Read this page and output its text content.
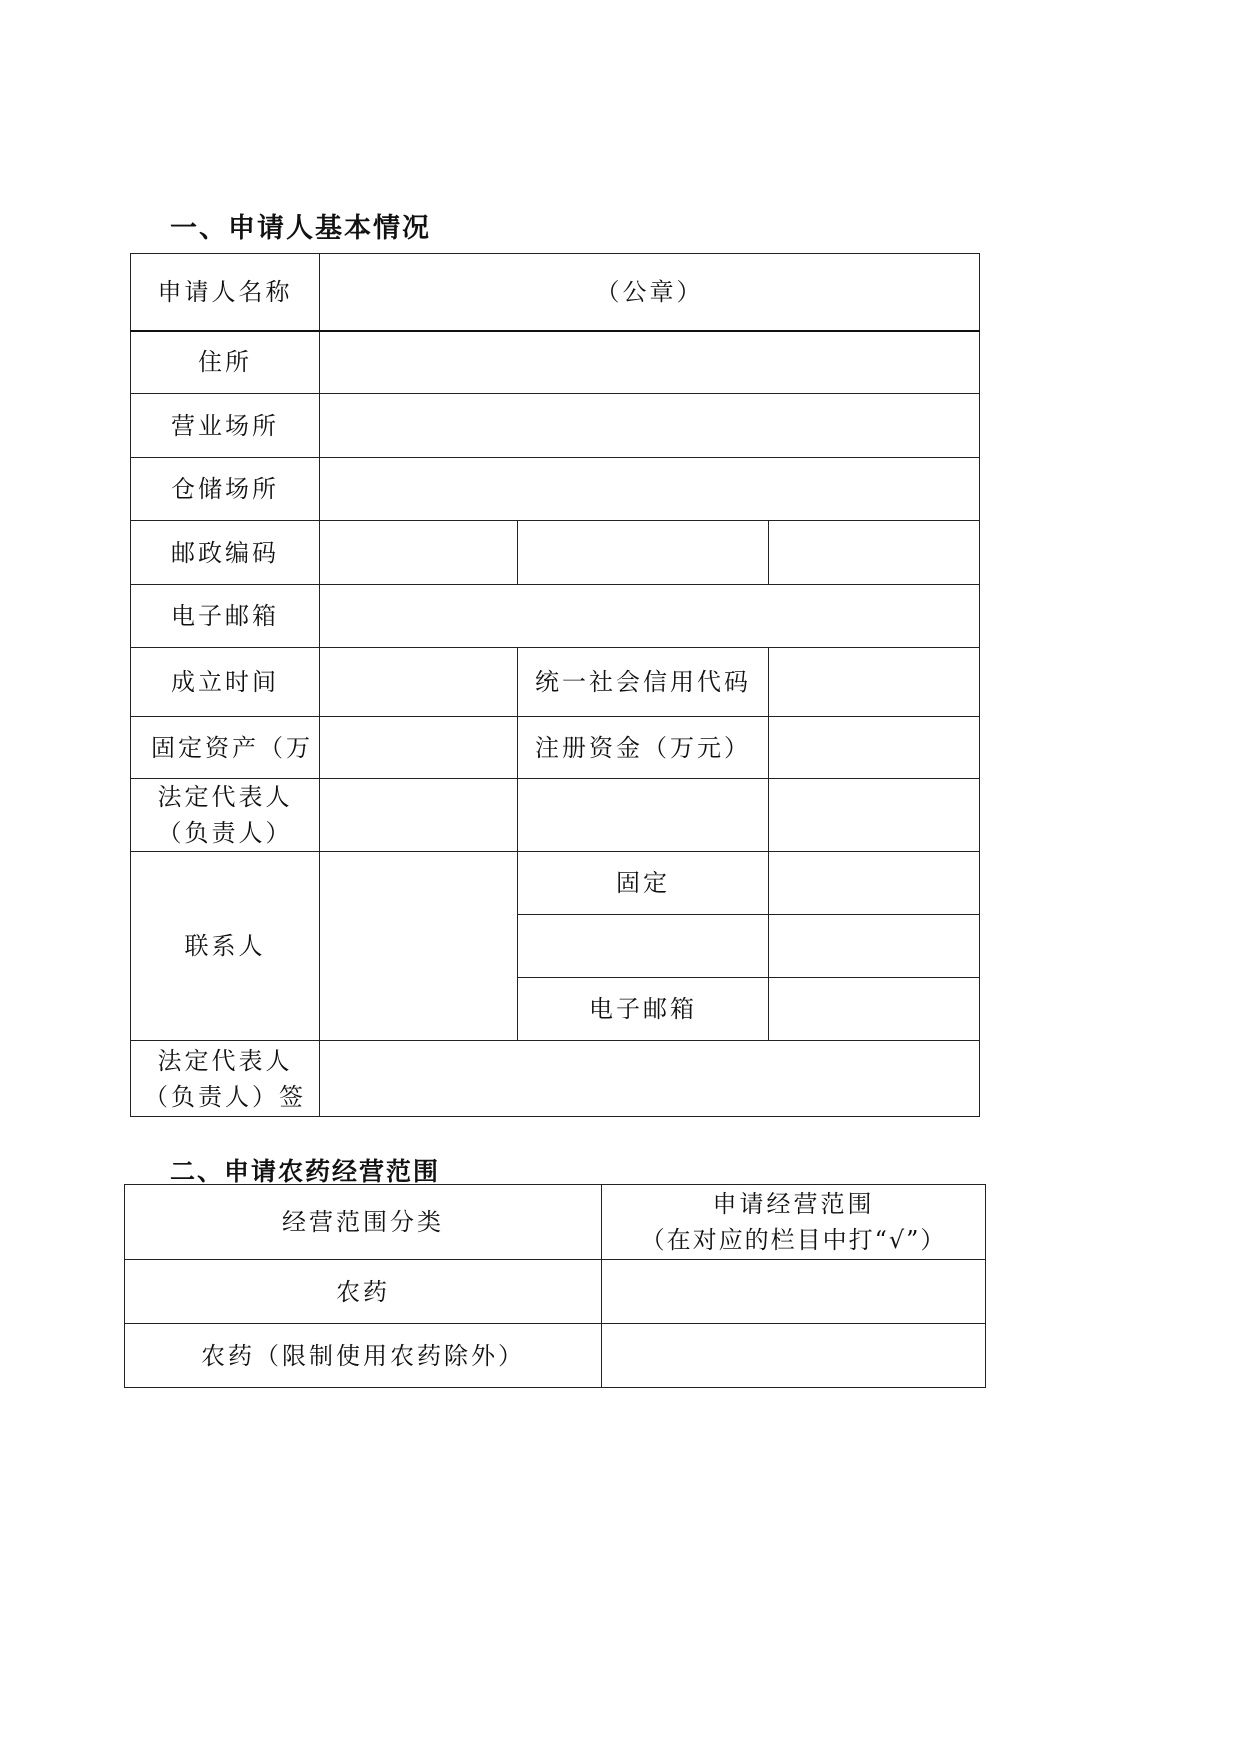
一、申请人基本情况
申请人名称	（公章）		
住所			
营业场所			
仓储场所			
邮政编码			
电子邮箱			
成立时间		统一社会信用代码	
固定资产（万		注册资金（万元）	

法定代表人
（负责人）			

联系人		固定	

		电子邮箱	

法定代表人
（负责人）签			

二、申请农药经营范围
经营范围分类	申请经营范围
（在对应的栏目中打“√”）

农药	
农药（限制使用农药除外）	
